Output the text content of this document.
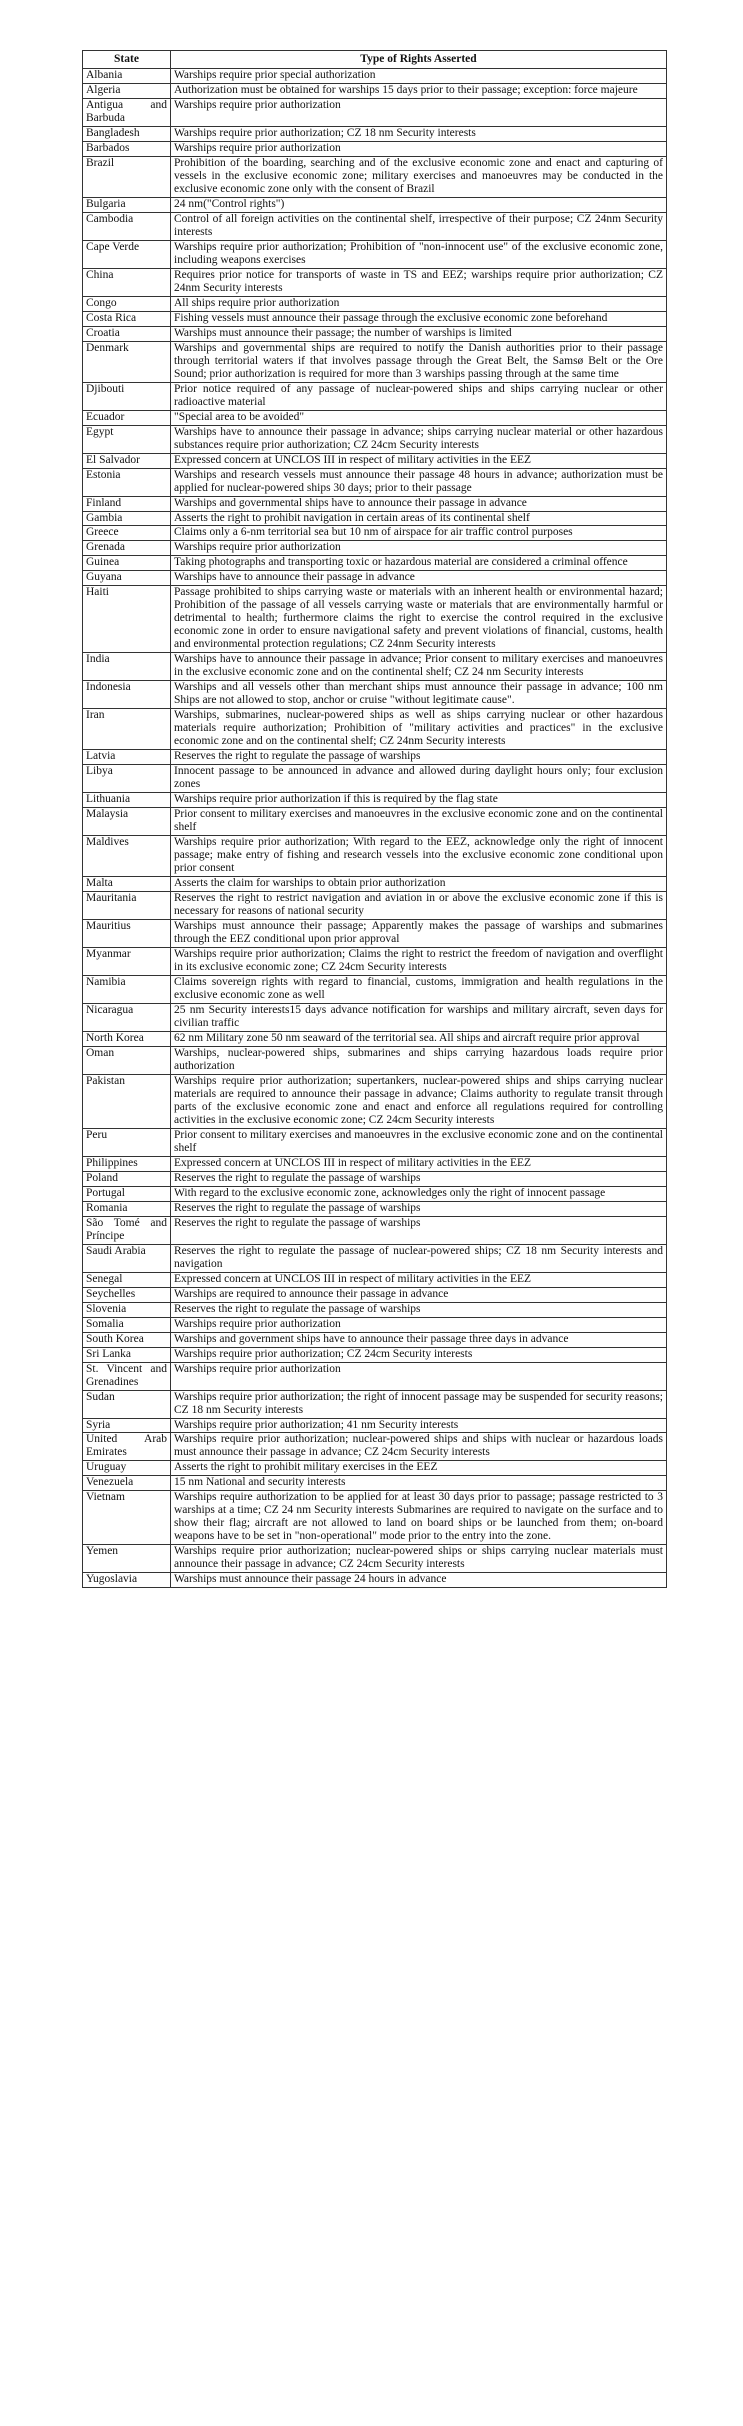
State	Type of Rights Asserted
Albania	Warships require prior special authorization
Algeria	Authorization must be obtained for warships 15 days prior to their passage; exception: force majeure
Antigua and Barbuda	Warships require prior authorization
Bangladesh	Warships require prior authorization; CZ 18 nm Security interests
Barbados	Warships require prior authorization
Brazil	Prohibition of the boarding, searching and of the exclusive economic zone and enact and capturing of vessels in the exclusive economic zone; military exercises and manoeuvres may be conducted in the exclusive economic zone only with the consent of Brazil
Bulgaria	24 nm("Control rights")
Cambodia	Control of all foreign activities on the continental shelf, irrespective of their purpose; CZ 24nm Security interests
Cape Verde	Warships require prior authorization; Prohibition of "non-innocent use" of the exclusive economic zone, including weapons exercises
China	Requires prior notice for transports of waste in TS and EEZ; warships require prior authorization; CZ 24nm Security interests
Congo	All ships require prior authorization
Costa Rica	Fishing vessels must announce their passage through the exclusive economic zone beforehand
Croatia	Warships must announce their passage; the number of warships is limited
Denmark	Warships and governmental ships are required to notify the Danish authorities prior to their passage through territorial waters if that involves passage through the Great Belt, the Samsø Belt or the Ore Sound; prior authorization is required for more than 3 warships passing through at the same time
Djibouti	Prior notice required of any passage of nuclear-powered ships and ships carrying nuclear or other radioactive material
Ecuador	"Special area to be avoided"
Egypt	Warships have to announce their passage in advance; ships carrying nuclear material or other hazardous substances require prior authorization; CZ 24cm Security interests
El Salvador	Expressed concern at UNCLOS III in respect of military activities in the EEZ
Estonia	Warships and research vessels must announce their passage 48 hours in advance; authorization must be applied for nuclear-powered ships 30 days; prior to their passage
Finland	Warships and governmental ships have to announce their passage in advance
Gambia	Asserts the right to prohibit navigation in certain areas of its continental shelf
Greece	Claims only a 6-nm territorial sea but 10 nm of airspace for air traffic control purposes
Grenada	Warships require prior authorization
Guinea	Taking photographs and transporting toxic or hazardous material are considered a criminal offence
Guyana	Warships have to announce their passage in advance
Haiti	Passage prohibited to ships carrying waste or materials with an inherent health or environmental hazard; Prohibition of the passage of all vessels carrying waste or materials that are environmentally harmful or detrimental to health; furthermore claims the right to exercise the control required in the exclusive economic zone in order to ensure navigational safety and prevent violations of financial, customs, health and environmental protection regulations; CZ 24nm Security interests
India	Warships have to announce their passage in advance; Prior consent to military exercises and manoeuvres in the exclusive economic zone and on the continental shelf; CZ 24 nm Security interests
Indonesia	Warships and all vessels other than merchant ships must announce their passage in advance; 100 nm Ships are not allowed to stop, anchor or cruise "without legitimate cause".
Iran	Warships, submarines, nuclear-powered ships as well as ships carrying nuclear or other hazardous materials require authorization; Prohibition of "military activities and practices" in the exclusive economic zone and on the continental shelf; CZ 24nm Security interests
Latvia	Reserves the right to regulate the passage of warships
Libya	Innocent passage to be announced in advance and allowed during daylight hours only; four exclusion zones
Lithuania	Warships require prior authorization if this is required by the flag state
Malaysia	Prior consent to military exercises and manoeuvres in the exclusive economic zone and on the continental shelf
Maldives	Warships require prior authorization; With regard to the EEZ, acknowledge only the right of innocent passage; make entry of fishing and research vessels into the exclusive economic zone conditional upon prior consent
Malta	Asserts the claim for warships to obtain prior authorization
Mauritania	Reserves the right to restrict navigation and aviation in or above the exclusive economic zone if this is necessary for reasons of national security
Mauritius	Warships must announce their passage; Apparently makes the passage of warships and submarines through the EEZ conditional upon prior approval
Myanmar	Warships require prior authorization; Claims the right to restrict the freedom of navigation and overflight in its exclusive economic zone; CZ 24cm Security interests
Namibia	Claims sovereign rights with regard to financial, customs, immigration and health regulations in the exclusive economic zone as well
Nicaragua	25 nm Security interests15 days advance notification for warships and military aircraft, seven days for civilian traffic
North Korea	62 nm Military zone 50 nm seaward of the territorial sea. All ships and aircraft require prior approval
Oman	Warships, nuclear-powered ships, submarines and ships carrying hazardous loads require prior authorization
Pakistan	Warships require prior authorization; supertankers, nuclear-powered ships and ships carrying nuclear materials are required to announce their passage in advance; Claims authority to regulate transit through parts of the exclusive economic zone and enact and enforce all regulations required for controlling activities in the exclusive economic zone; CZ 24cm Security interests
Peru	Prior consent to military exercises and manoeuvres in the exclusive economic zone and on the continental shelf
Philippines	Expressed concern at UNCLOS III in respect of military activities in the EEZ
Poland	Reserves the right to regulate the passage of warships
Portugal	With regard to the exclusive economic zone, acknowledges only the right of innocent passage
Romania	Reserves the right to regulate the passage of warships
São Tomé and Príncipe	Reserves the right to regulate the passage of warships
Saudi Arabia	Reserves the right to regulate the passage of nuclear-powered ships; CZ 18 nm Security interests and navigation
Senegal	Expressed concern at UNCLOS III in respect of military activities in the EEZ
Seychelles	Warships are required to announce their passage in advance
Slovenia	Reserves the right to regulate the passage of warships
Somalia	Warships require prior authorization
South Korea	Warships and government ships have to announce their passage three days in advance
Sri Lanka	Warships require prior authorization; CZ 24cm Security interests
St. Vincent and Grenadines	Warships require prior authorization
Sudan	Warships require prior authorization; the right of innocent passage may be suspended for security reasons; CZ 18 nm Security interests
Syria	Warships require prior authorization; 41 nm Security interests
United Arab Emirates	Warships require prior authorization; nuclear-powered ships and ships with nuclear or hazardous loads must announce their passage in advance; CZ 24cm Security interests
Uruguay	Asserts the right to prohibit military exercises in the EEZ
Venezuela	15 nm National and security interests
Vietnam	Warships require authorization to be applied for at least 30 days prior to passage; passage restricted to 3 warships at a time; CZ 24 nm Security interests Submarines are required to navigate on the surface and to show their flag; aircraft are not allowed to land on board ships or be launched from them; on-board weapons have to be set in "non-operational" mode prior to the entry into the zone.
Yemen	Warships require prior authorization; nuclear-powered ships or ships carrying nuclear materials must announce their passage in advance; CZ 24cm Security interests
Yugoslavia	Warships must announce their passage 24 hours in advance
